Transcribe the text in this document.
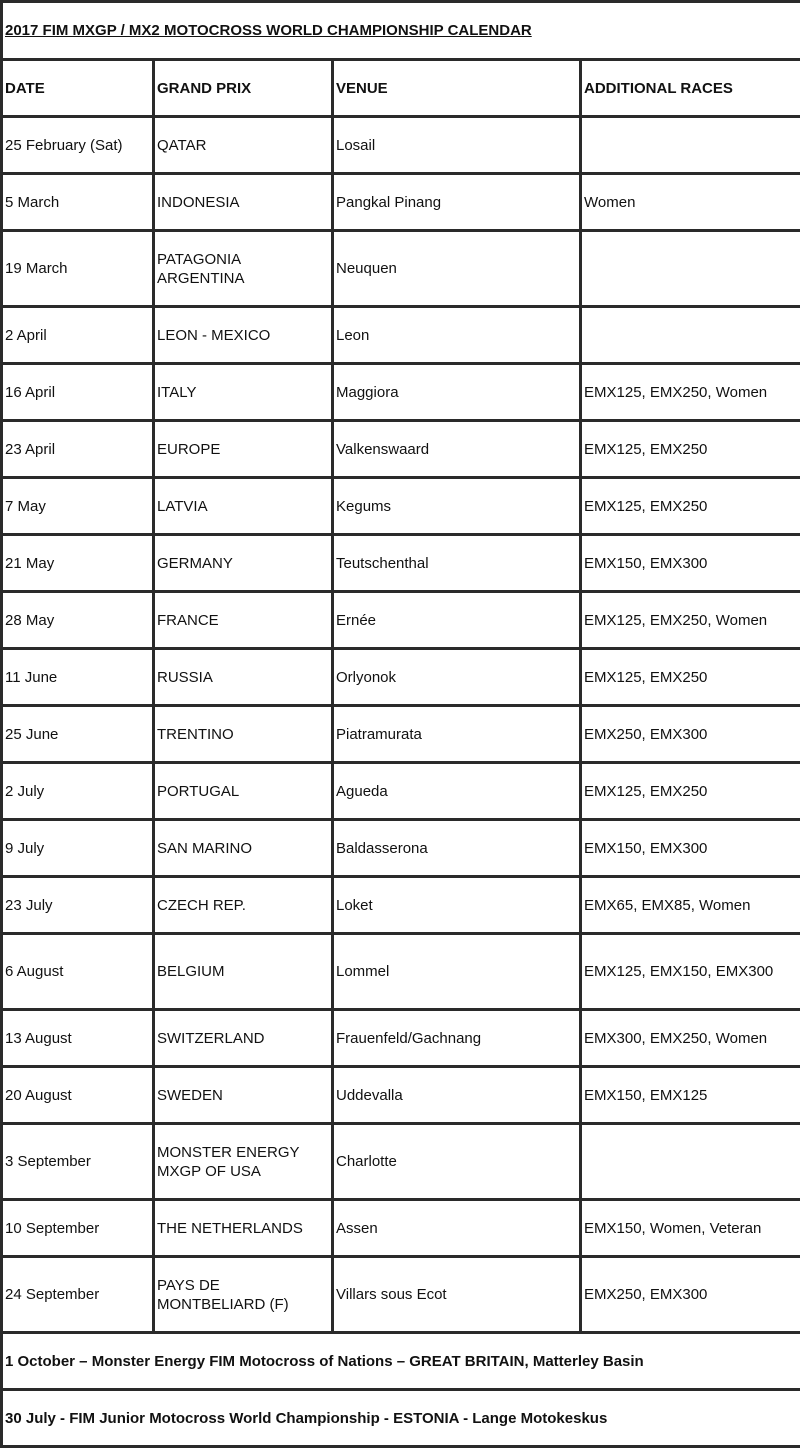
2017 FIM MXGP / MX2 MOTOCROSS WORLD CHAMPIONSHIP CALENDAR			
DATE	GRAND PRIX	VENUE	ADDITIONAL RACES
25 February (Sat)	QATAR	Losail	
5 March	INDONESIA	Pangkal Pinang	Women
19 March	PATAGONIA ARGENTINA	Neuquen	
2 April	LEON - MEXICO	Leon	
16 April	ITALY	Maggiora	EMX125, EMX250, Women
23 April	EUROPE	Valkenswaard	EMX125, EMX250
7 May	LATVIA	Kegums	EMX125, EMX250
21 May	GERMANY	Teutschenthal	EMX150, EMX300
28 May	FRANCE	Ernée	EMX125, EMX250, Women
11 June	RUSSIA	Orlyonok	EMX125, EMX250
25 June	TRENTINO	Piatramurata	EMX250, EMX300
2 July	PORTUGAL	Agueda	EMX125, EMX250
9 July	SAN MARINO	Baldasserona	EMX150, EMX300
23 July	CZECH REP.	Loket	EMX65, EMX85, Women
6 August	BELGIUM	Lommel	EMX125, EMX150, EMX300
13 August	SWITZERLAND	Frauenfeld/Gachnang	EMX300, EMX250, Women
20 August	SWEDEN	Uddevalla	EMX150, EMX125
3 September	MONSTER ENERGY MXGP OF USA	Charlotte	
10 September	THE NETHERLANDS	Assen	EMX150, Women, Veteran
24 September	PAYS DE MONTBELIARD (F)	Villars sous Ecot	EMX250, EMX300
1 October – Monster Energy FIM Motocross of Nations – GREAT BRITAIN, Matterley Basin			
30 July - FIM Junior Motocross World Championship - ESTONIA - Lange Motokeskus			
